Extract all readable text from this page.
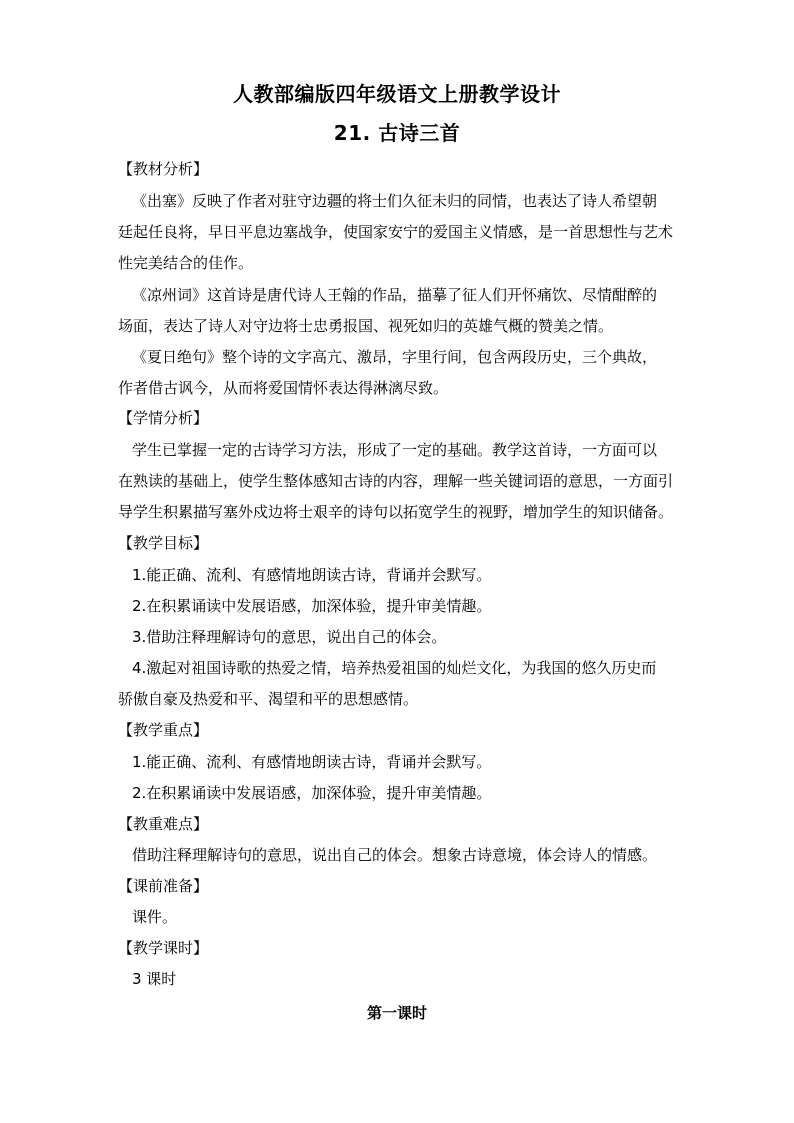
人教部编版四年级语文上册教学设计
21. 古诗三首
【教材分析】
《出塞》反映了作者对驻守边疆的将士们久征未归的同情，也表达了诗人希望朝
廷起任良将，早日平息边塞战争，使国家安宁的爱国主义情感，是一首思想性与艺术
性完美结合的佳作。
《凉州词》这首诗是唐代诗人王翰的作品，描摹了征人们开怀痛饮、尽情酣醉的
场面，表达了诗人对守边将士忠勇报国、视死如归的英雄气概的赞美之情。
《夏日绝句》整个诗的文字高亢、激昂，字里行间，包含两段历史，三个典故，
作者借古讽今，从而将爱国情怀表达得淋漓尽致。
【学情分析】
学生已掌握一定的古诗学习方法，形成了一定的基础。教学这首诗，一方面可以
在熟读的基础上，使学生整体感知古诗的内容，理解一些关键词语的意思，一方面引
导学生积累描写塞外戍边将士艰辛的诗句以拓宽学生的视野，增加学生的知识储备。
【教学目标】
1.能正确、流利、有感情地朗读古诗，背诵并会默写。
2.在积累诵读中发展语感，加深体验，提升审美情趣。
3.借助注释理解诗句的意思，说出自己的体会。
4.激起对祖国诗歌的热爱之情，培养热爱祖国的灿烂文化，为我国的悠久历史而
骄傲自豪及热爱和平、渴望和平的思想感情。
【教学重点】
1.能正确、流利、有感情地朗读古诗，背诵并会默写。
2.在积累诵读中发展语感，加深体验，提升审美情趣。
【教重难点】
借助注释理解诗句的意思，说出自己的体会。想象古诗意境，体会诗人的情感。
【课前准备】
课件。
【教学课时】
3 课时
第一课时
